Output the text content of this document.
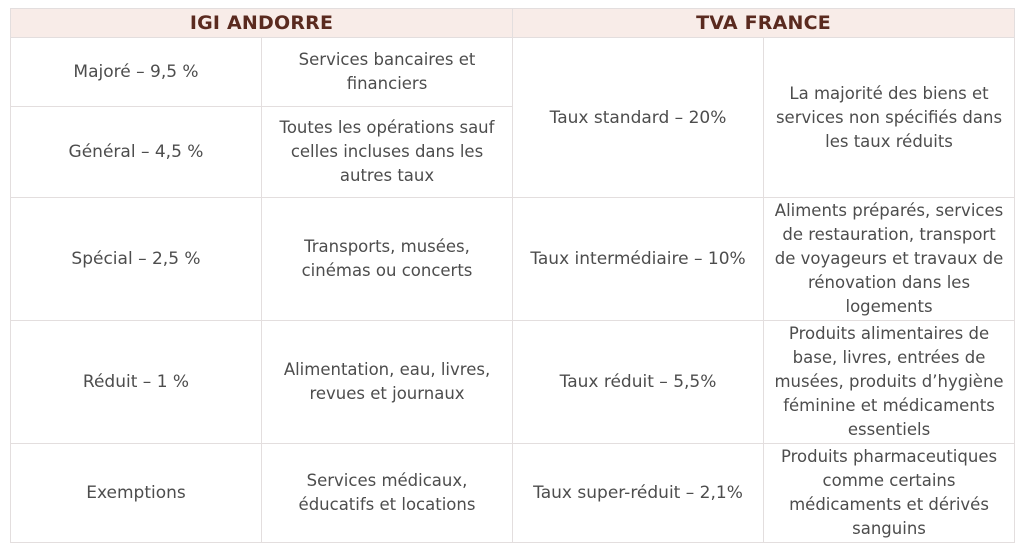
IGI ANDORRE		TVA FRANCE	
Majoré – 9,5 %	Services bancaires et financiers	Taux standard – 20%	La majorité des biens et services non spécifiés dans les taux réduits
Général – 4,5 %	Toutes les opérations sauf celles incluses dans les autres taux		
Spécial – 2,5 %	Transports, musées, cinémas ou concerts	Taux intermédiaire – 10%	Aliments préparés, services de restauration, transport de voyageurs et travaux de rénovation dans les logements
Réduit – 1 %	Alimentation, eau, livres, revues et journaux	Taux réduit – 5,5%	Produits alimentaires de base, livres, entrées de musées, produits d’hygiène féminine et médicaments essentiels
Exemptions	Services médicaux, éducatifs et locations	Taux super-réduit – 2,1%	Produits pharmaceutiques comme certains médicaments et dérivés sanguins
